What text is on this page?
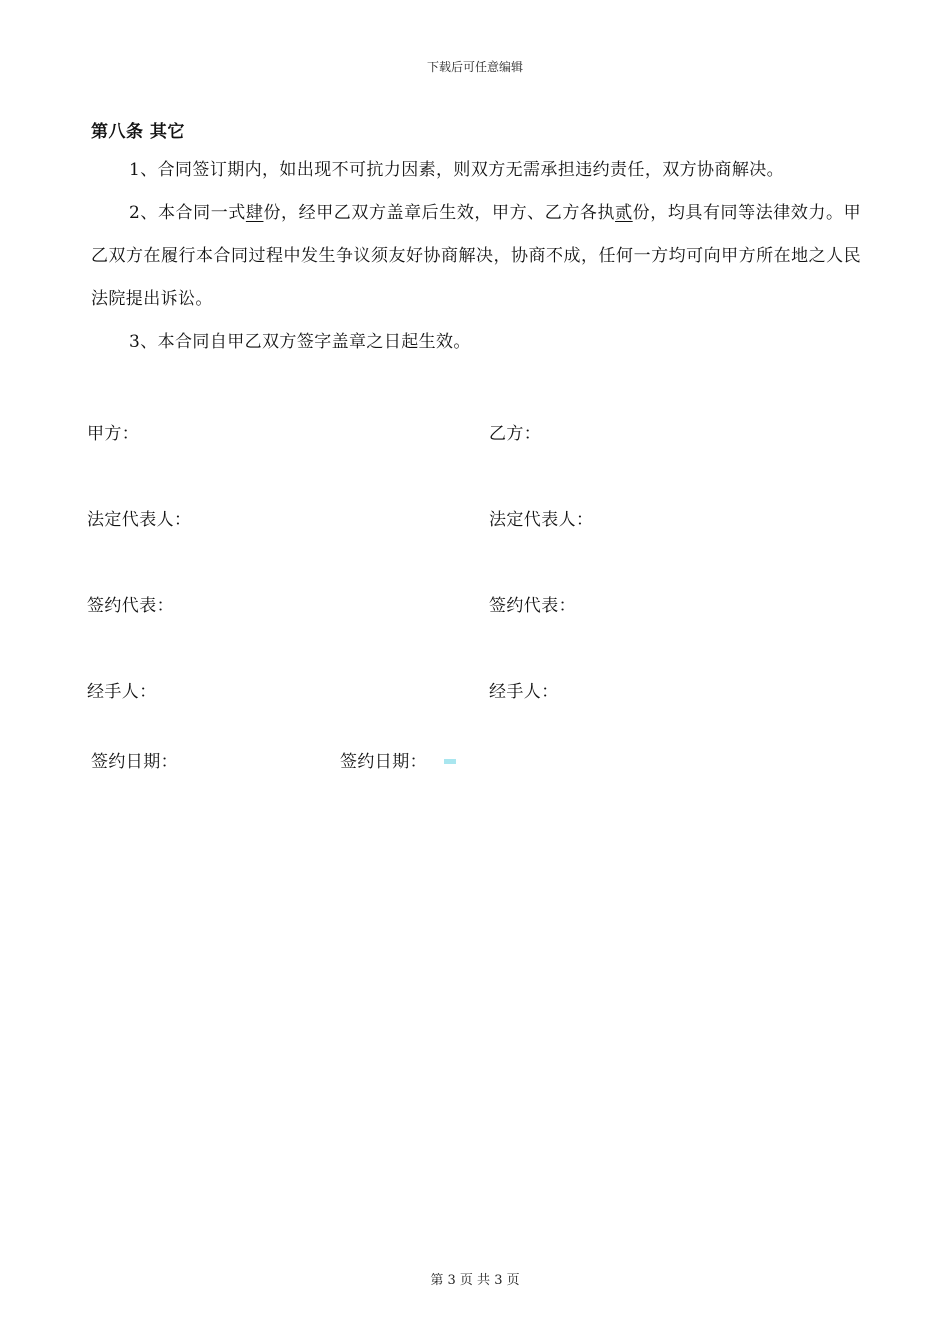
下载后可任意编辑
第八条 其它
1、合同签订期内，如出现不可抗力因素，则双方无需承担违约责任，双方协商解决。
2、本合同一式肆份，经甲乙双方盖章后生效，甲方、乙方各执贰份，均具有同等法律效力。甲乙双方在履行本合同过程中发生争议须友好协商解决，协商不成，任何一方均可向甲方所在地之人民法院提出诉讼。
3、本合同自甲乙双方签字盖章之日起生效。
甲方：	乙方：
法定代表人：	法定代表人：
签约代表：	签约代表：
经手人：	经手人：
签约日期：	签约日期：
第 3 页 共 3 页
